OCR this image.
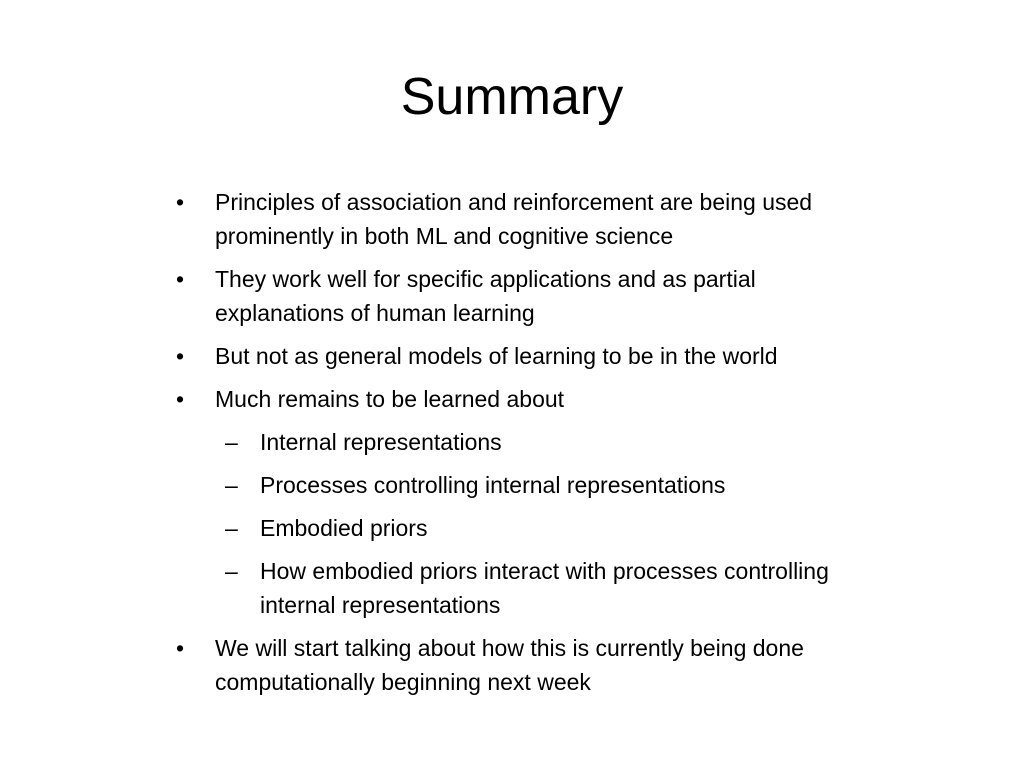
Summary
• Principles of association and reinforcement are being used prominently in both ML and cognitive science
• They work well for specific applications and as partial explanations of human learning
• But not as general models of learning to be in the world
• Much remains to be learned about
– Internal representations
– Processes controlling internal representations
– Embodied priors
– How embodied priors interact with processes controlling internal representations
• We will start talking about how this is currently being done computationally beginning next week
